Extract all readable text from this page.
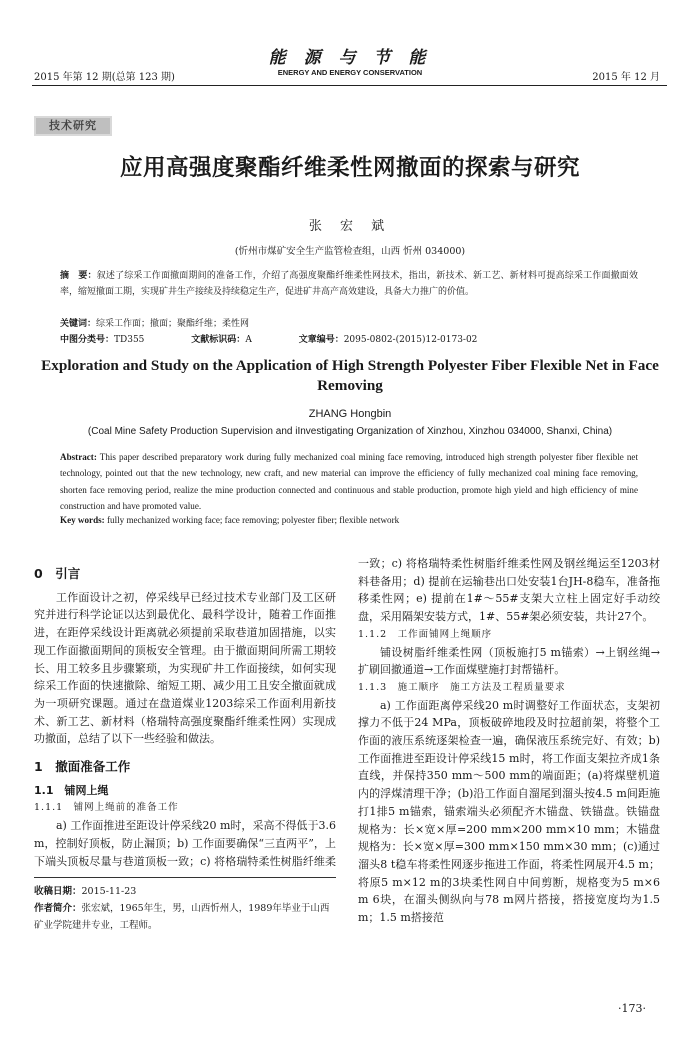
2015 年第 12 期(总第 123 期)
能 源 与 节 能
ENERGY AND ENERGY CONSERVATION	2015 年 12 月
技术研究
应用高强度聚酯纤维柔性网撤面的探索与研究
张 宏 斌
(忻州市煤矿安全生产监管检查组，山西 忻州 034000)
摘　要：叙述了综采工作面撤面期间的准备工作，介绍了高强度聚酯纤维柔性网技术，指出，新技术、新工艺、新材料可提高综采工作面撤面效率，缩短撤面工期，实现矿井生产接续及持续稳定生产，促进矿井高产高效建设，具备大力推广的价值。
关键词：综采工作面；撤面；聚酯纤维；柔性网
中图分类号：TD355	文献标识码：A	文章编号：2095-0802-(2015)12-0173-02
Exploration and Study on the Application of High Strength Polyester Fiber Flexible Net in Face Removing
ZHANG Hongbin
(Coal Mine Safety Production Supervision and iInvestigating Organization of Xinzhou, Xinzhou 034000, Shanxi, China)
Abstract: This paper described preparatory work during fully mechanized coal mining face removing, introduced high strength polyester fiber flexible net technology, pointed out that the new technology, new craft, and new material can improve the efficiency of fully mechanized coal mining face removing, shorten face removing period, realize the mine production connected and continuous and stable production, promote high yield and high efficiency of mine construction and have promoted value.
Key words: fully mechanized working face; face removing; polyester fiber; flexible network

0　引言

工作面设计之初，停采线早已经过技术专业部门及工区研究并进行科学论证以达到最优化、最科学设计，随着工作面推进，在距停采线设计距离就必须提前采取巷道加固措施，以实现工作面撤面期间的顶板安全管理。由于撤面期间所需工期较长、用工较多且步骤繁琐，为实现矿井工作面接续，如何实现综采工作面的快速撤除、缩短工期、减少用工且安全撤面就成为一项研究课题。通过在盘道煤业1203综采工作面利用新技术、新工艺、新材料（格瑞特高强度聚酯纤维柔性网）实现成功撤面，总结了以下一些经验和做法。

1　撤面准备工作

1.1　铺网上绳

1.1.1　铺网上绳前的准备工作

a) 工作面推进至距设计停采线20 m时，采高不得低于3.6 m，控制好顶板，防止漏顶；b) 工作面要确保“三直两平”，上下端头顶板尽量与巷道顶板一致；c) 将格瑞特柔性树脂纤维柔

收稿日期：2015-11-23
作者简介：张宏斌，1965年生，男，山西忻州人，1989年毕业于山西矿业学院建井专业，工程师。

一致；c) 将格瑞特柔性树脂纤维柔性网及钢丝绳运至1203材料巷备用；d) 提前在运输巷出口处安装1台JH-8稳车，准备拖移柔性网；e) 提前在1#～55#支架大立柱上固定好手动绞盘，采用隔架安装方式，1#、55#架必须安装，共计27个。

1.1.2　工作面铺网上绳顺序

铺设树脂纤维柔性网（顶板施打5 m锚索）→上钢丝绳→扩刷回撤通道→工作面煤壁施打封帮锚杆。

1.1.3　施工顺序　施工方法及工程质量要求

a) 工作面距离停采线20 m时调整好工作面状态，支架初撑力不低于24 MPa，顶板破碎地段及时拉超前架，将整个工作面的液压系统逐架检查一遍，确保液压系统完好、有效；b) 工作面推进至距设计停采线15 m时，将工作面支架拉齐成1条直线，并保持350 mm～500 mm的端面距；(a)将煤壁机道内的浮煤清理干净；(b)沿工作面自溜尾到溜头按4.5 m间距施打1排5 m锚索，锚索端头必须配齐木锚盘、铁锚盘。铁锚盘规格为：长×宽×厚=200 mm×200 mm×10 mm；木锚盘规格为：长×宽×厚=300 mm×150 mm×30 mm；(c)通过溜头8 t稳车将柔性网逐步拖进工作面，将柔性网展开4.5 m；将原5 m×12 m的3块柔性网自中间剪断，规格变为5 m×6 m 6块，在溜头侧纵向与78 m网片搭接，搭接宽度均为1.5 m；1.5 m搭接范

·173·
